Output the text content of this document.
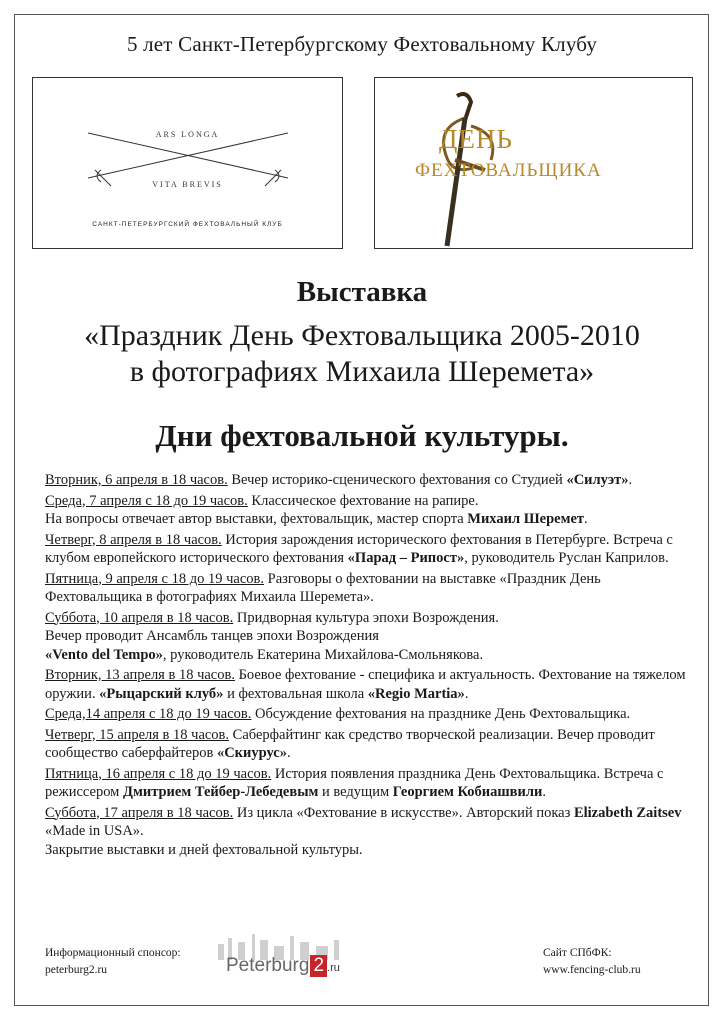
5 лет Санкт-Петербургскому Фехтовальному Клубу
ARS LONGA
VITA BREVIS
САНКТ-ПЕТЕРБУРГСКИЙ ФЕХТОВАЛЬНЫЙ КЛУБ
ДЕНЬ
ФЕХТОВАЛЬЩИКА
Выставка
«Праздник День Фехтовальщика 2005-2010
в фотографиях Михаила Шеремета»
Дни фехтовальной культуры.
Вторник, 6 апреля в 18 часов. Вечер историко-сценического фехтования со Студией «Силуэт».
Среда, 7 апреля с 18 до 19 часов. Классическое фехтование на рапире.
На вопросы отвечает автор выставки, фехтовальщик, мастер спорта Михаил Шеремет.
Четверг, 8 апреля в 18 часов. История зарождения исторического фехтования в Петербурге. Встреча с клубом европейского исторического фехтования «Парад – Рипост», руководитель Руслан Каприлов.
Пятница, 9 апреля с 18 до 19 часов. Разговоры о фехтовании на выставке «Праздник День Фехтовальщика в фотографиях Михаила Шеремета».
Суббота, 10 апреля в 18 часов. Придворная культура эпохи Возрождения.
Вечер проводит Ансамбль танцев эпохи Возрождения
«Vento del Tempo», руководитель Екатерина Михайлова-Смольнякова.
Вторник, 13 апреля в 18 часов. Боевое фехтование - специфика и актуальность. Фехтование на тяжелом оружии. «Рыцарский клуб» и фехтовальная школа «Regio Martia».
Среда,14 апреля с 18 до 19 часов. Обсуждение фехтования на празднике День Фехтовальщика.
Четверг, 15 апреля в 18 часов. Саберфайтинг как средство творческой реализации. Вечер проводит сообщество саберфайтеров «Скиурус».
Пятница, 16 апреля с 18 до 19 часов. История появления праздника День Фехтовальщика. Встреча с режиссером Дмитрием Тейбер-Лебедевым и ведущим Георгием Кобиашвили.
Суббота, 17 апреля в 18 часов. Из цикла «Фехтование в искусстве». Авторский показ Elizabeth Zaitsev «Made in USA».
Закрытие выставки и дней фехтовальной культуры.
Информационный спонсор:
peterburg2.ru	Peterburg 2 .ru
Сайт СПбФК:
www.fencing-club.ru
